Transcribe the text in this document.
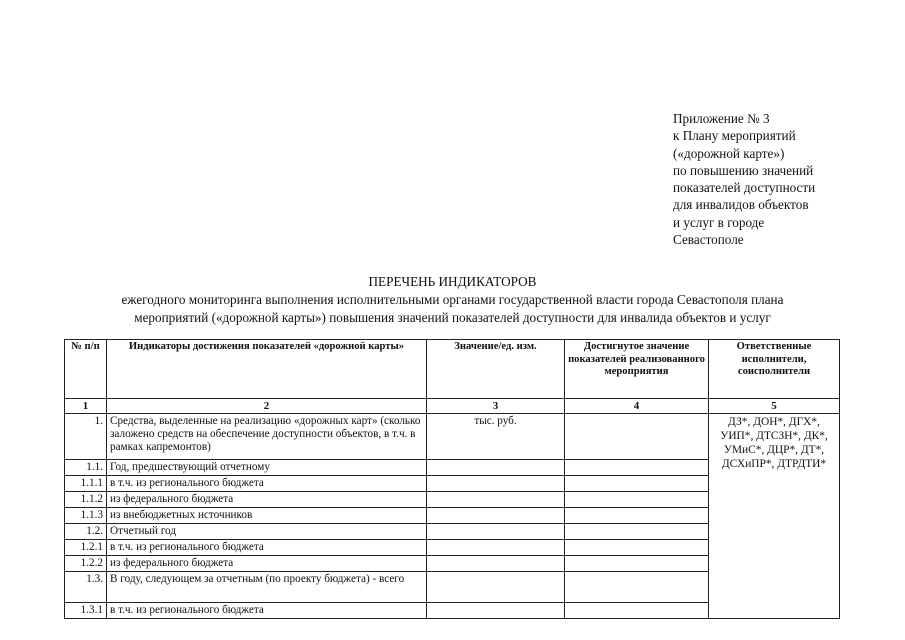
Приложение № 3
к Плану мероприятий
(«дорожной карте»)
по повышению значений
показателей доступности
для инвалидов объектов
и услуг в городе
Севастополе
ПЕРЕЧЕНЬ ИНДИКАТОРОВ
ежегодного мониторинга выполнения исполнительными органами государственной власти города Севастополя плана
мероприятий («дорожной карты») повышения значений показателей доступности для инвалида объектов и услуг
№ п/п	Индикаторы достижения показателей «дорожной карты»	Значение/ед. изм.	Достигнутое значение показателей реализованного мероприятия	Ответственные исполнители, соисполнители
1	2	3	4	5
1.	Средства, выделенные на реализацию «дорожных карт» (сколько заложено средств на обеспечение доступности объектов, в т.ч. в рамках капремонтов)	тыс. руб.		ДЗ*, ДОН*, ДГХ*, УИП*, ДТСЗН*, ДК*, УМиС*, ДЦР*, ДТ*, ДСХиПР*, ДТРДТИ*
1.1.	Год, предшествующий отчетному			
1.1.1	в т.ч. из регионального бюджета			
1.1.2	из федерального бюджета			
1.1.3	из внебюджетных источников			
1.2.	Отчетный год			
1.2.1	в т.ч. из регионального бюджета			
1.2.2	из федерального бюджета			
1.3.	В году, следующем за отчетным (по проекту бюджета) - всего			
1.3.1	в т.ч. из регионального бюджета			
